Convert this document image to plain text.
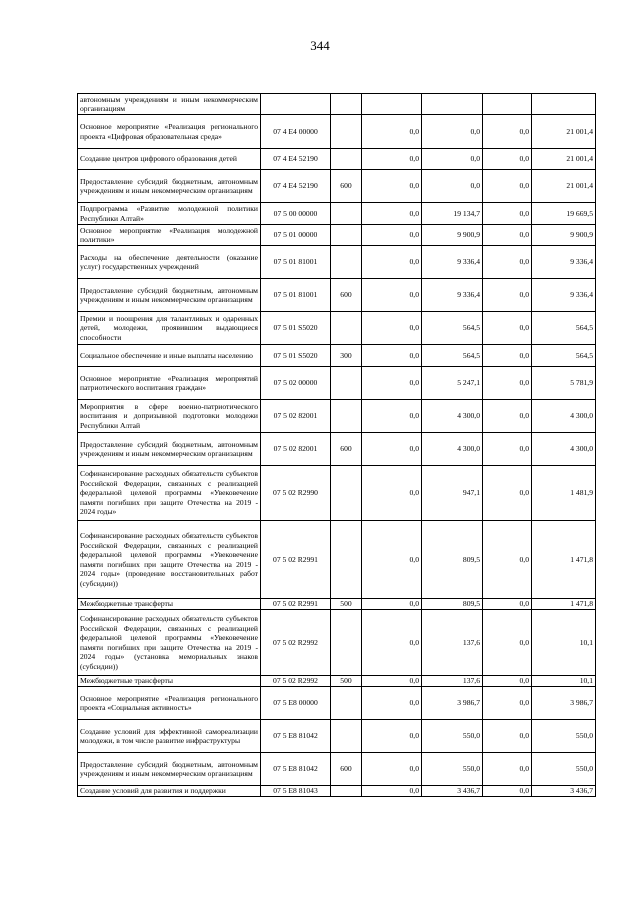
344
автономным учреждениям и иным некоммерческим организациям						
Основное мероприятие «Реализация регионального проекта «Цифровая образовательная среда»	07 4 E4 00000		0,0	0,0	0,0	21 001,4
Создание центров цифрового образования детей	07 4 E4 52190		0,0	0,0	0,0	21 001,4
Предоставление субсидий бюджетным, автономным учреждениям и иным некоммерческим организациям	07 4 E4 52190	600	0,0	0,0	0,0	21 001,4
Подпрограмма «Развитие молодежной политики Республики Алтай»	07 5 00 00000		0,0	19 134,7	0,0	19 669,5
Основное мероприятие «Реализация молодежной политики»	07 5 01 00000		0,0	9 900,9	0,0	9 900,9
Расходы на обеспечение деятельности (оказание услуг) государственных учреждений	07 5 01 81001		0,0	9 336,4	0,0	9 336,4
Предоставление субсидий бюджетным, автономным учреждениям и иным некоммерческим организациям	07 5 01 81001	600	0,0	9 336,4	0,0	9 336,4
Премии и поощрения для талантливых и одаренных детей, молодежи, проявившим выдающиеся способности	07 5 01 S5020		0,0	564,5	0,0	564,5
Социальное обеспечение и иные выплаты населению	07 5 01 S5020	300	0,0	564,5	0,0	564,5
Основное мероприятие «Реализация мероприятий патриотического воспитания граждан»	07 5 02 00000		0,0	5 247,1	0,0	5 781,9
Мероприятия в сфере военно-патриотического воспитания и допризывной подготовки молодежи Республики Алтай	07 5 02 82001		0,0	4 300,0	0,0	4 300,0
Предоставление субсидий бюджетным, автономным учреждениям и иным некоммерческим организациям	07 5 02 82001	600	0,0	4 300,0	0,0	4 300,0
Софинансирование расходных обязательств субъектов Российской Федерации, связанных с реализацией федеральной целевой программы «Увековечение памяти погибших при защите Отечества на 2019 - 2024 годы»	07 5 02 R2990		0,0	947,1	0,0	1 481,9
Софинансирование расходных обязательств субъектов Российской Федерации, связанных с реализацией федеральной целевой программы «Увековечение памяти погибших при защите Отечества на 2019 - 2024 годы» (проведение восстановительных работ (субсидии))	07 5 02 R2991		0,0	809,5	0,0	1 471,8
Межбюджетные трансферты	07 5 02 R2991	500	0,0	809,5	0,0	1 471,8
Софинансирование расходных обязательств субъектов Российской Федерации, связанных с реализацией федеральной целевой программы «Увековечение памяти погибших при защите Отечества на 2019 - 2024 годы» (установка мемориальных знаков (субсидии))	07 5 02 R2992		0,0	137,6	0,0	10,1
Межбюджетные трансферты	07 5 02 R2992	500	0,0	137,6	0,0	10,1
Основное мероприятие «Реализация регионального проекта «Социальная активность»	07 5 E8 00000		0,0	3 986,7	0,0	3 986,7
Создание условий для эффективной самореализации молодежи, в том числе развитие инфраструктуры	07 5 E8 81042		0,0	550,0	0,0	550,0
Предоставление субсидий бюджетным, автономным учреждениям и иным некоммерческим организациям	07 5 E8 81042	600	0,0	550,0	0,0	550,0
Создание условий для развития и поддержки	07 5 E8 81043		0,0	3 436,7	0,0	3 436,7
